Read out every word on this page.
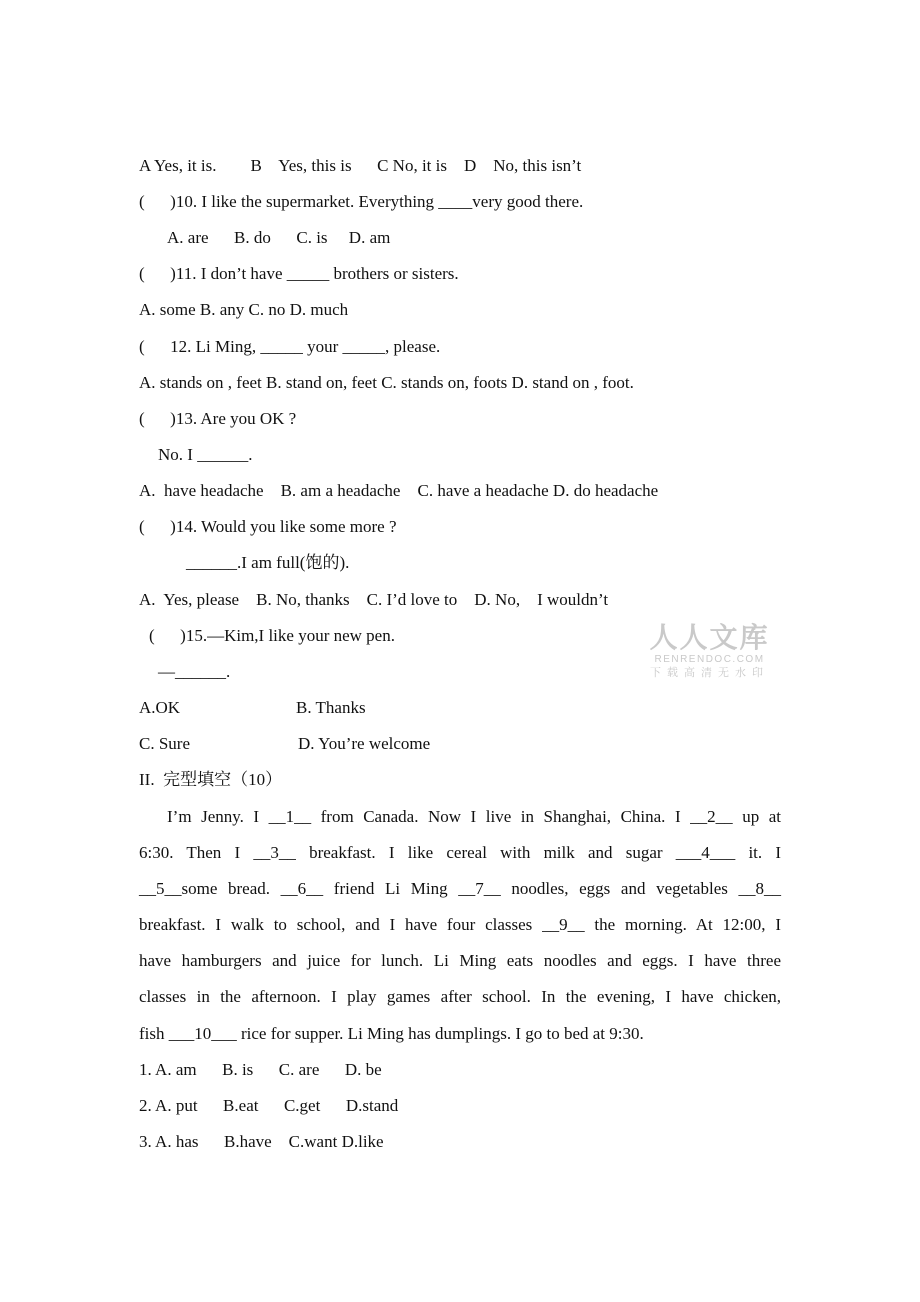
A Yes, it is.        B    Yes, this is      C No, it is    D    No, this isn’t
(      )10. I like the supermarket. Everything ____very good there.
A. are      B. do      C. is     D. am
(      )11. I don’t have _____ brothers or sisters.
A. some B. any C. no D. much
(      12. Li Ming, _____ your _____, please.
A. stands on , feet B. stand on, feet C. stands on, foots D. stand on , foot.
(      )13. Are you OK ?
No. I ______.
A.  have headache    B. am a headache    C. have a headache D. do headache
(      )14. Would you like some more ?
______.I am full(饱的).
A.  Yes, please    B. No, thanks    C. I’d love to    D. No,    I wouldn’t
(      )15.—Kim,I like your new pen.
—______.
A.OK	B. Thanks
C. Sure	D. You’re welcome
II.  完型填空（10）
I’m Jenny. I __1__ from Canada. Now I live in Shanghai, China. I __2__ up at
6:30. Then I __3__ breakfast. I like cereal with milk and sugar ___4___ it. I
__5__some bread. __6__ friend Li Ming __7__ noodles, eggs and vegetables __8__
breakfast. I walk to school, and I have four classes __9__ the morning. At 12:00, I
have hamburgers and juice for lunch. Li Ming eats noodles and eggs. I have three
classes in the afternoon. I play games after school. In the evening, I have chicken,
fish ___10___ rice for supper. Li Ming has dumplings. I go to bed at 9:30.
1. A. am      B. is      C. are      D. be
2. A. put      B.eat      C.get      D.stand
3. A. has      B.have    C.want D.like
人人文库
RENRENDOC.COM
下载高清无水印
